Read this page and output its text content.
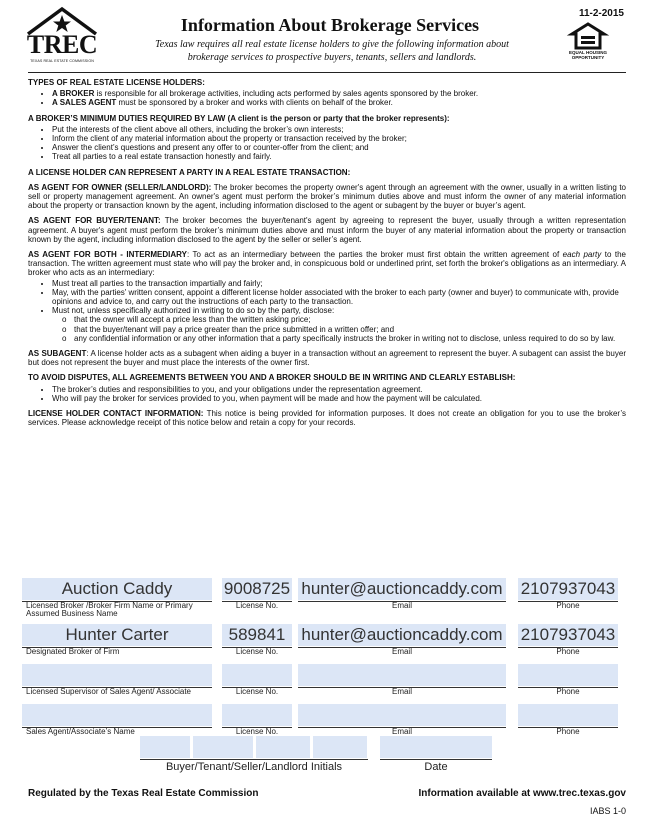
TREC
TEXAS REAL ESTATE COMMISSION
11-2-2015
Information About Brokerage Services
Texas law requires all real estate license holders to give the following information about
brokerage services to prospective buyers, tenants, sellers and landlords.	EQUAL HOUSING
OPPORTUNITY
TYPES OF REAL ESTATE LICENSE HOLDERS:
• A BROKER is responsible for all brokerage activities, including acts performed by sales agents sponsored by the broker.
• A SALES AGENT must be sponsored by a broker and works with clients on behalf of the broker.
A BROKER’S MINIMUM DUTIES REQUIRED BY LAW (A client is the person or party that the broker represents):
• Put the interests of the client above all others, including the broker’s own interests;
• Inform the client of any material information about the property or transaction received by the broker;
• Answer the client’s questions and present any offer to or counter-offer from the client; and
• Treat all parties to a real estate transaction honestly and fairly.

A LICENSE HOLDER CAN REPRESENT A PARTY IN A REAL ESTATE TRANSACTION:

AS AGENT FOR OWNER (SELLER/LANDLORD): The broker becomes the property owner's agent through an agreement with the owner, usually in a written listing to sell or property management agreement. An owner's agent must perform the broker’s minimum duties above and must inform the owner of any material information about the property or transaction known by the agent, including information disclosed to the agent or subagent by the buyer or buyer’s agent.

AS AGENT FOR BUYER/TENANT: The broker becomes the buyer/tenant's agent by agreeing to represent the buyer, usually through a written representation agreement. A buyer's agent must perform the broker’s minimum duties above and must inform the buyer of any material information about the property or transaction known by the agent, including information disclosed to the agent by the seller or seller’s agent.

AS AGENT FOR BOTH - INTERMEDIARY: To act as an intermediary between the parties the broker must first obtain the written agreement of each party to the transaction. The written agreement must state who will pay the broker and, in conspicuous bold or underlined print, set forth the broker's obligations as an intermediary. A broker who acts as an intermediary:

• Must treat all parties to the transaction impartially and fairly;
• May, with the parties' written consent, appoint a different license holder associated with the broker to each party (owner and buyer) to communicate with, provide opinions and advice to, and carry out the instructions of each party to the transaction.
• Must not, unless specifically authorized in writing to do so by the party, disclose:
o that the owner will accept a price less than the written asking price;
o that the buyer/tenant will pay a price greater than the price submitted in a written offer; and
o any confidential information or any other information that a party specifically instructs the broker in writing not to disclose, unless required to do so by law.

AS SUBAGENT: A license holder acts as a subagent when aiding a buyer in a transaction without an agreement to represent the buyer. A subagent can assist the buyer but does not represent the buyer and must place the interests of the owner first.

TO AVOID DISPUTES, ALL AGREEMENTS BETWEEN YOU AND A BROKER SHOULD BE IN WRITING AND CLEARLY ESTABLISH:
• The broker’s duties and responsibilities to you, and your obligations under the representation agreement.
• Who will pay the broker for services provided to you, when payment will be made and how the payment will be calculated.

LICENSE HOLDER CONTACT INFORMATION: This notice is being provided for information purposes. It does not create an obligation for you to use the broker’s services. Please acknowledge receipt of this notice below and retain a copy for your records.

Auction Caddy	9008725 hunter@auctioncaddy.com 2107937043
Licensed Broker /Broker Firm Name or Primary Assumed Business Name
License No.	Email	Phone
Hunter Carter	589841 hunter@auctioncaddy.com 2107937043
Designated Broker of Firm	License No.	Email	Phone
Licensed Supervisor of Sales Agent/ Associate	License No.	Email	Phone
Sales Agent/Associate’s Name	License No.	Email	Phone
Buyer/Tenant/Seller/Landlord Initials	Date
Regulated by the Texas Real Estate Commission	Information available at www.trec.texas.gov
IABS 1-0
